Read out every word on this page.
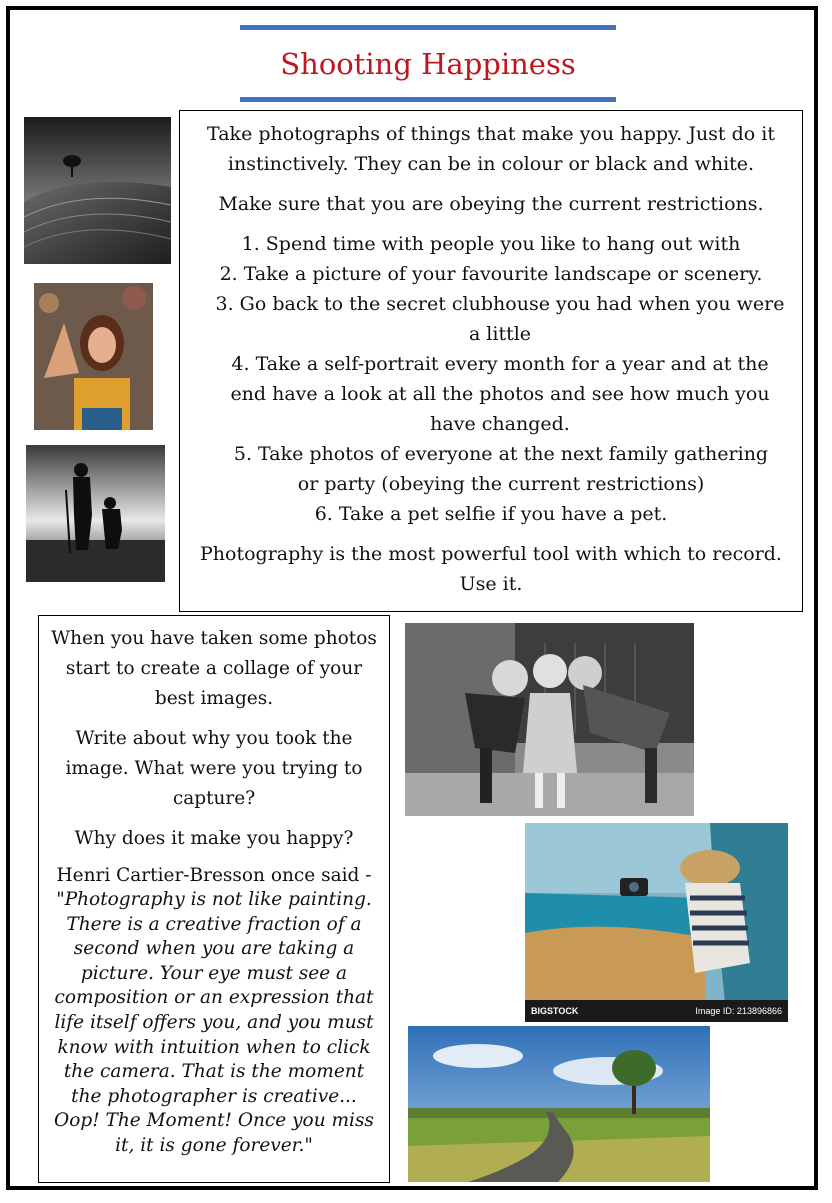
Shooting Happiness

Take photographs of things that make you happy. Just do it instinctively. They can be in colour or black and white.

Make sure that you are obeying the current restrictions.

1. Spend time with people you like to hang out with
2. Take a picture of your favourite landscape or scenery.
3. Go back to the secret clubhouse you had when you were a little
4. Take a self-portrait every month for a year and at the end have a look at all the photos and see how much you have changed.
5. Take photos of everyone at the next family gathering or party (obeying the current restrictions)
6. Take a pet selfie if you have a pet.

Photography is the most powerful tool with which to record. Use it.

When you have taken some photos start to create a collage of your best images.

Write about why you took the image. What were you trying to capture?

Why does it make you happy?

Henri Cartier-Bresson once said -

"Photography is not like painting. There is a creative fraction of a second when you are taking a picture. Your eye must see a composition or an expression that life itself offers you, and you must know with intuition when to click the camera. That is the moment the photographer is creative... Oop! The Moment! Once you miss it, it is gone forever."

BIGSTOCK	Image ID: 213896866
